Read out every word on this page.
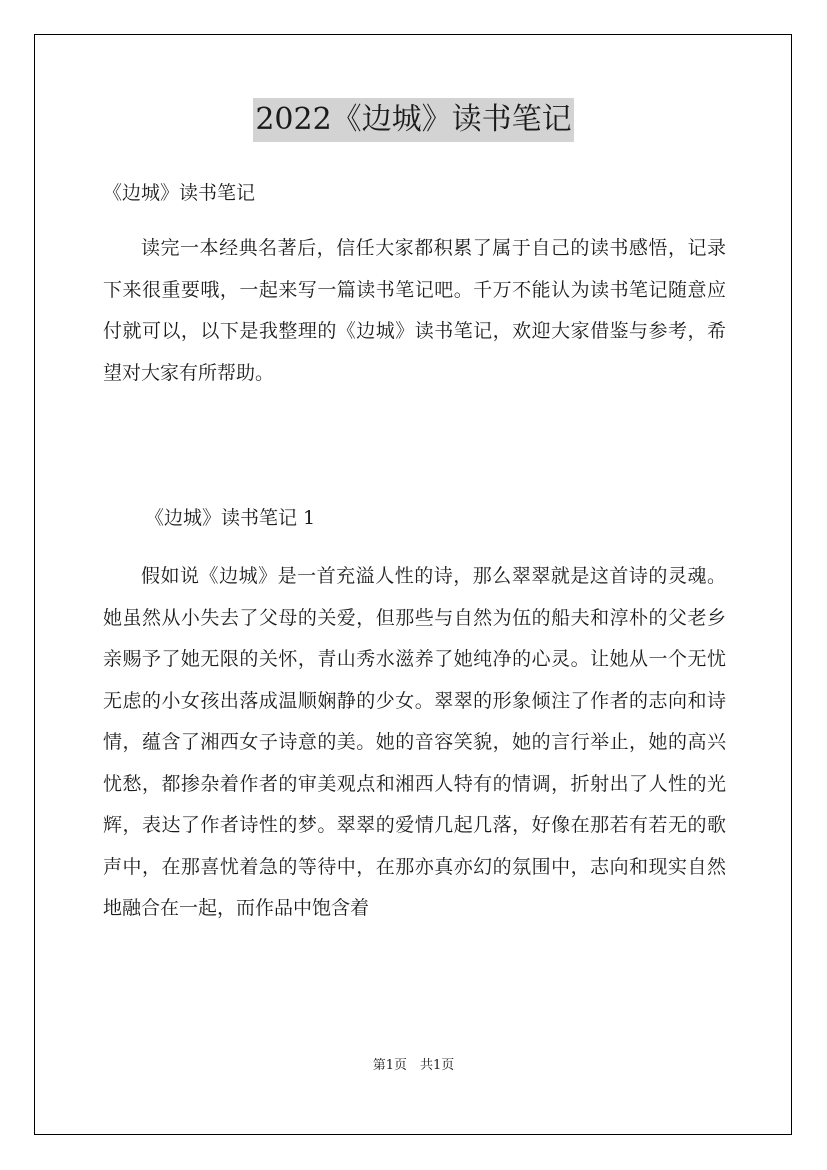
2022《边城》读书笔记
《边城》读书笔记

读完一本经典名著后，信任大家都积累了属于自己的读书感悟，记录下来很重要哦，一起来写一篇读书笔记吧。千万不能认为读书笔记随意应付就可以，以下是我整理的《边城》读书笔记，欢迎大家借鉴与参考，希望对大家有所帮助。

《边城》读书笔记 1

假如说《边城》是一首充溢人性的诗，那么翠翠就是这首诗的灵魂。她虽然从小失去了父母的关爱，但那些与自然为伍的船夫和淳朴的父老乡亲赐予了她无限的关怀，青山秀水滋养了她纯净的心灵。让她从一个无忧无虑的小女孩出落成温顺娴静的少女。翠翠的形象倾注了作者的志向和诗情，蕴含了湘西女子诗意的美。她的音容笑貌，她的言行举止，她的高兴忧愁，都掺杂着作者的审美观点和湘西人特有的情调，折射出了人性的光辉，表达了作者诗性的梦。翠翠的爱情几起几落，好像在那若有若无的歌声中，在那喜忧着急的等待中，在那亦真亦幻的氛围中，志向和现实自然地融合在一起，而作品中饱含着

第1页　共1页
